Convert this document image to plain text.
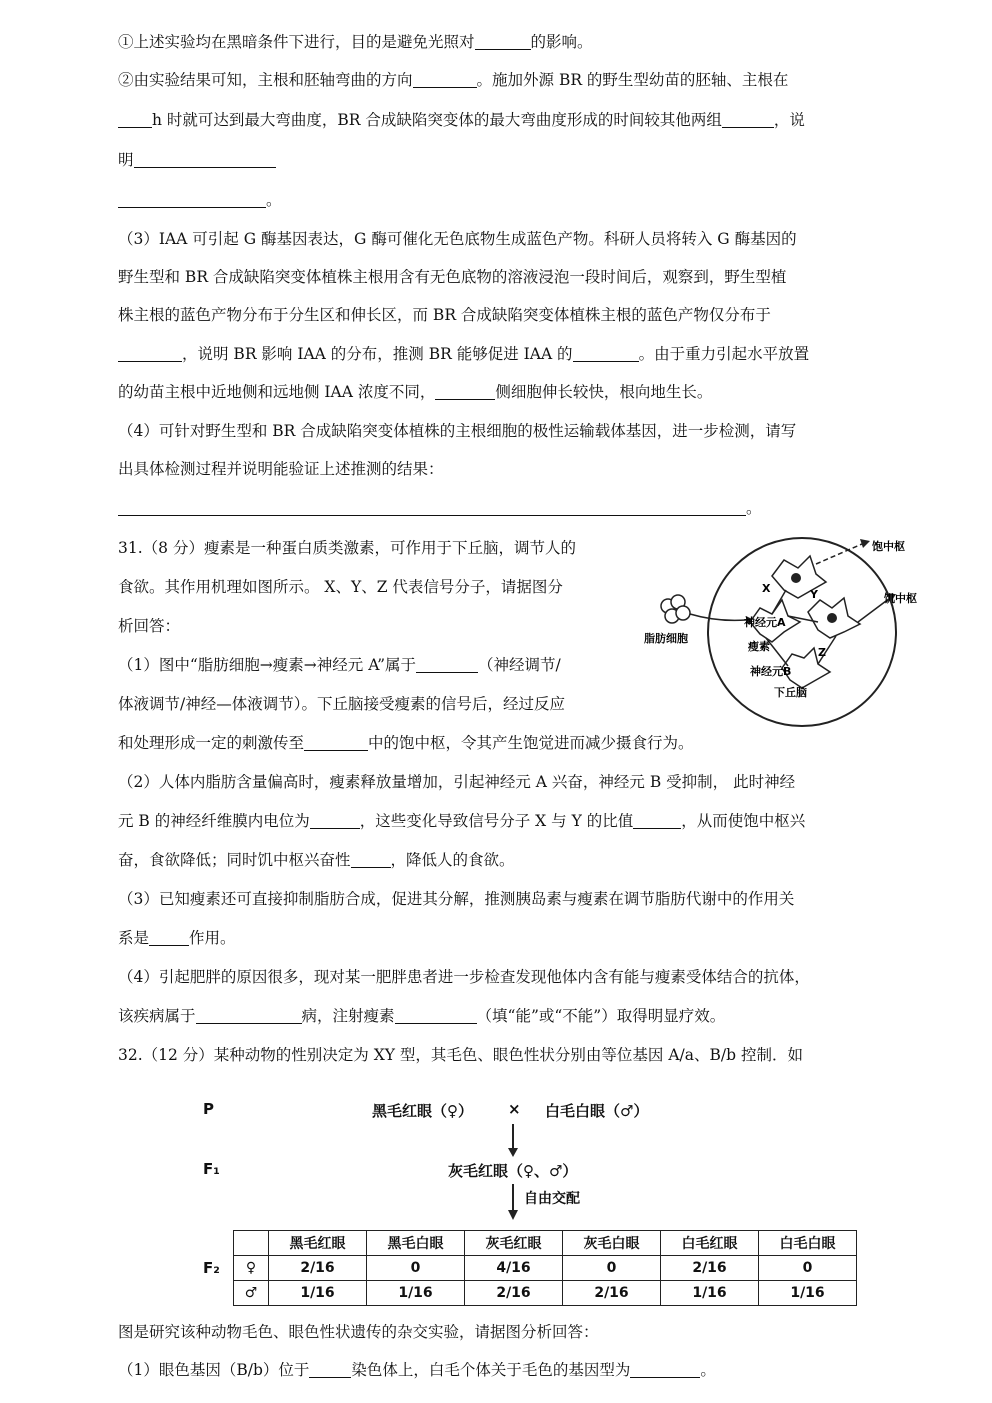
①上述实验均在黑暗条件下进行，目的是避免光照对	的影响。
②由实验结果可知，主根和胚轴弯曲的方向	。施加外源 BR 的野生型幼苗的胚轴、主根在
h 时就可达到最大弯曲度，BR 合成缺陷突变体的最大弯曲度形成的时间较其他两组	，说
明
。
（3）IAA 可引起 G 酶基因表达，G 酶可催化无色底物生成蓝色产物。科研人员将转入 G 酶基因的
野生型和 BR 合成缺陷突变体植株主根用含有无色底物的溶液浸泡一段时间后，观察到，野生型植
株主根的蓝色产物分布于分生区和伸长区，而 BR 合成缺陷突变体植株主根的蓝色产物仅分布于
，说明 BR 影响 IAA 的分布，推测 BR 能够促进 IAA 的	。由于重力引起水平放置
的幼苗主根中近地侧和远地侧 IAA 浓度不同，	侧细胞伸长较快，根向地生长。
（4）可针对野生型和 BR 合成缺陷突变体植株的主根细胞的极性运输载体基因，进一步检测，请写
出具体检测过程并说明能验证上述推测的结果：
。
31.（8 分）瘦素是一种蛋白质类激素，可作用于下丘脑，调节人的
食欲。其作用机理如图所示。 X、Y、Z 代表信号分子，请据图分
析回答：
（1）图中“脂肪细胞→瘦素→神经元 A”属于	（神经调节/
体液调节/神经—体液调节）。下丘脑接受瘦素的信号后，经过反应
和处理形成一定的刺激传至	中的饱中枢，令其产生饱觉进而减少摄食行为。
（2）人体内脂肪含量偏高时，瘦素释放量增加，引起神经元 A 兴奋，神经元 B 受抑制， 此时神经
元 B 的神经纤维膜内电位为	，这些变化导致信号分子 X 与 Y 的比值	，从而使饱中枢兴
奋，食欲降低；同时饥中枢兴奋性	，降低人的食欲。
（3）已知瘦素还可直接抑制脂肪合成，促进其分解，推测胰岛素与瘦素在调节脂肪代谢中的作用关
系是	作用。
（4）引起肥胖的原因很多，现对某一肥胖患者进一步检查发现他体内含有能与瘦素受体结合的抗体，
该疾病属于	病，注射瘦素	（填“能”或“不能”）取得明显疗效。
饱中枢
饥中枢
脂肪细胞
瘦素
神经元A
神经元B
下丘脑
X	Y
Z
32.（12 分）某种动物的性别决定为 XY 型，其毛色、眼色性状分别由等位基因 A/a、B/b 控制．如
P	黑毛红眼（♀） × 白毛白眼（♂）
F₁	灰毛红眼（♀、♂）
自由交配
F₂
	黑毛红眼	黑毛白眼	灰毛红眼	灰毛白眼	白毛红眼	白毛白眼
♀	2/16	0	4/16	0	2/16	0
♂	1/16	1/16	2/16	2/16	1/16	1/16
图是研究该种动物毛色、眼色性状遗传的杂交实验，请据图分析回答：
（1）眼色基因（B/b）位于	染色体上，白毛个体关于毛色的基因型为	。
